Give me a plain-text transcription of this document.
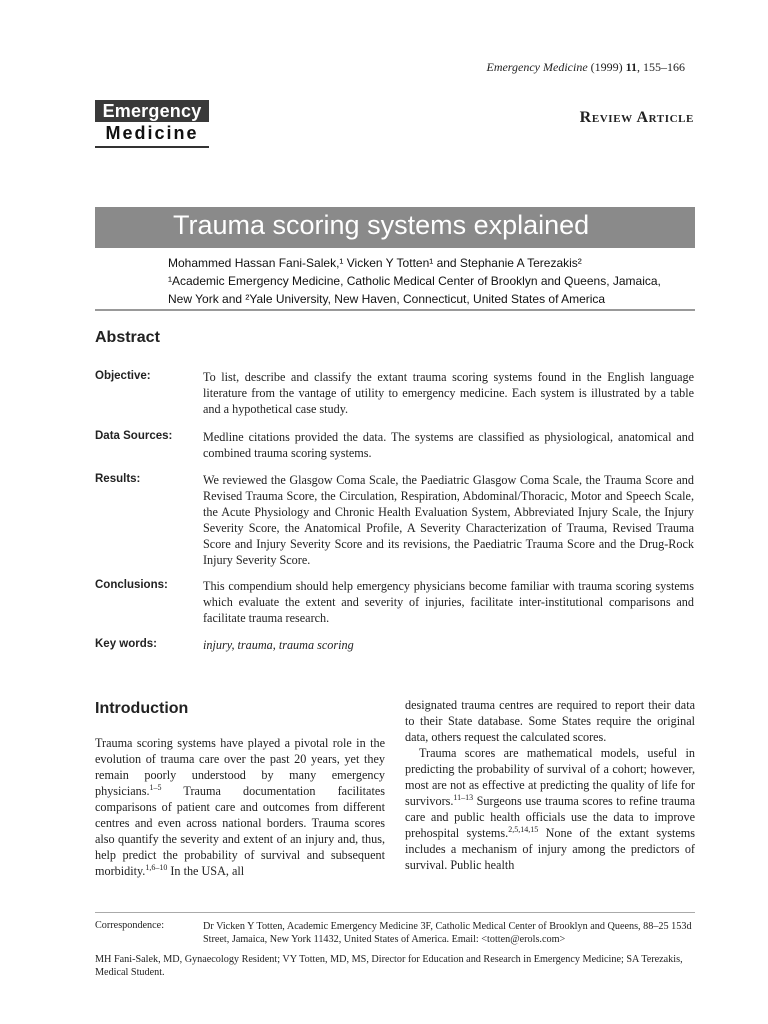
Emergency Medicine (1999) 11, 155–166
Emergency
Medicine
Review Article
Trauma scoring systems explained
Mohammed Hassan Fani-Salek,¹ Vicken Y Totten¹ and Stephanie A Terezakis²
¹Academic Emergency Medicine, Catholic Medical Center of Brooklyn and Queens, Jamaica,
New York and ²Yale University, New Haven, Connecticut, United States of America
Abstract
Objective:	To list, describe and classify the extant trauma scoring systems found in the English language literature from the vantage of utility to emergency medicine. Each system is illustrated by a table and a hypothetical case study.
Data Sources:	Medline citations provided the data. The systems are classified as physiological, anatomical and combined trauma scoring systems.
Results:	We reviewed the Glasgow Coma Scale, the Paediatric Glasgow Coma Scale, the Trauma Score and Revised Trauma Score, the Circulation, Respiration, Abdominal/Thoracic, Motor and Speech Scale, the Acute Physiology and Chronic Health Evaluation System, Abbreviated Injury Scale, the Injury Severity Score, the Anatomical Profile, A Severity Characterization of Trauma, Revised Trauma Score and Injury Severity Score and its revisions, the Paediatric Trauma Score and the Drug-Rock Injury Severity Score.
Conclusions:	This compendium should help emergency physicians become familiar with trauma scoring systems which evaluate the extent and severity of injuries, facilitate inter-institutional comparisons and facilitate trauma research.
Key words:	injury, trauma, trauma scoring
Introduction

Trauma scoring systems have played a pivotal role in the evolution of trauma care over the past 20 years, yet they remain poorly understood by many emergency physicians.$^{1-5}$ Trauma documentation facilitates comparisons of patient care and outcomes from different centres and even across national borders. Trauma scores also quantify the severity and extent of an injury and, thus, help predict the probability of survival and subsequent morbidity.$^{1,6-10}$ In the USA, all

designated trauma centres are required to report their data to their State database. Some States require the original data, others request the calculated scores.

Trauma scores are mathematical models, useful in predicting the probability of survival of a cohort; however, most are not as effective at predicting the quality of life for survivors.$^{11-13}$ Surgeons use trauma scores to refine trauma care and public health officials use the data to improve prehospital systems.$^{2,5,14,15}$ None of the extant systems includes a mechanism of injury among the predictors of survival. Public health

Correspondence:	Dr Vicken Y Totten, Academic Emergency Medicine 3F, Catholic Medical Center of Brooklyn and Queens, 88–25 153d Street, Jamaica, New York 11432, United States of America. Email: <totten@erols.com>
MH Fani-Salek, MD, Gynaecology Resident; VY Totten, MD, MS, Director for Education and Research in Emergency Medicine; SA Terezakis, Medical Student.
